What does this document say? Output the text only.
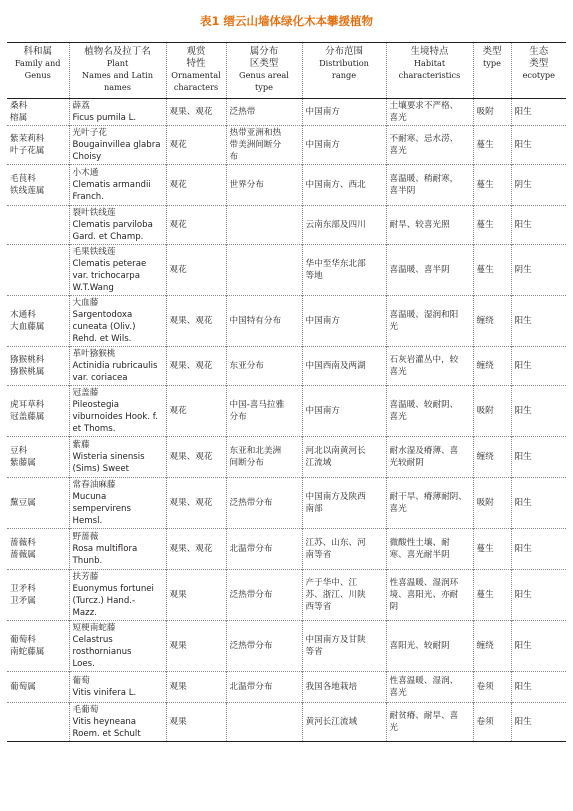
表1 缙云山墙体绿化木本攀援植物
科和属
Family and
Genus	植物名及拉丁名
Plant
Names and Latin
names	观赏
特性
Ornamental
characters	属分布
区类型
Genus areal
type	分布范围
Distribution
range	生境特点
Habitat
characteristics	类型
type	生态
类型
ecotype
桑科
榕属	薜荔
Ficus pumila L.	观果、观花	泛热带	中国南方	土壤要求不严格、
喜光	吸附	阳生
紫茉莉科
叶子花属	光叶子花
Bougainvillea glabra
Choisy	观花	热带亚洲和热
带美洲间断分
布	中国南方	不耐寒、忌水涝、
喜光	蔓生	阳生
毛茛科
铁线莲属	小木通
Clematis armandii
Franch.	观花	世界分布	中国南方、西北	喜温暖、稍耐寒，
喜半阴	蔓生	阴生

	裂叶铁线莲
Clematis parviloba
Gard. et Champ.	观花		云南东部及四川	耐旱、较喜光照	蔓生	阳生

	毛果铁线莲
Clematis peterae
var. trichocarpa
W.T.Wang	观花		华中至华东北部
等地	喜温暖、喜半阴	蔓生	阴生
木通科
大血藤属	大血藤
Sargentodoxa
cuneata (Oliv.)
Rehd. et Wils.	观果、观花	中国特有分布	中国南方	喜温暖、湿润和阳
光	缠绕	阳生
猕猴桃科
猕猴桃属	革叶猕猴桃
Actinidia rubricaulis
var. coriacea	观果、观花	东亚分布	中国西南及两湖	石灰岩灌丛中，较
喜光	缠绕	阳生
虎耳草科
冠盖藤属	冠盖藤
Pileostegia
viburnoides Hook. f.
et Thoms.	观花	中国-喜马拉雅
分布	中国南方	喜温暖、较耐阴、
喜光	吸附	阳生
豆科
紫藤属	紫藤
Wisteria sinensis
(Sims) Sweet	观果、观花	东亚和北美洲
间断分布	河北以南黄河长
江流域	耐水湿及瘠薄、喜
光较耐阴	缠绕	阳生
黧豆属	常春油麻藤
Mucuna
sempervirens
Hemsl.	观果、观花	泛热带分布	中国南方及陕西
南部	耐干旱、瘠薄耐阴、
喜光	吸附	阳生
蔷薇科
蔷薇属	野蔷薇
Rosa multiflora
Thunb.	观果、观花	北温带分布	江苏、山东、河
南等省	微酸性土壤、耐
寒、喜光耐半阴	蔓生	阳生
卫矛科
卫矛属	扶芳藤
Euonymus fortunei
(Turcz.) Hand.-
Mazz.	观果	泛热带分布	产于华中、江
苏、浙江、川陕
西等省	性喜温暖、湿润环
境、喜阳光、亦耐
阴	蔓生	阳生
葡萄科
南蛇藤属	短梗南蛇藤
Celastrus
rosthornianus
Loes.	观果	泛热带分布	中国南方及甘陕
等省	喜阳光、较耐阴	缠绕	阳生
葡萄属	葡萄
Vitis vinifera L.	观果	北温带分布	我国各地栽培	性喜温暖、湿润、
喜光	卷须	阳生

	毛葡萄
Vitis heyneana
Roem. et Schult	观果		黄河长江流域	耐贫瘠、耐旱、喜
光	卷须	阳生
